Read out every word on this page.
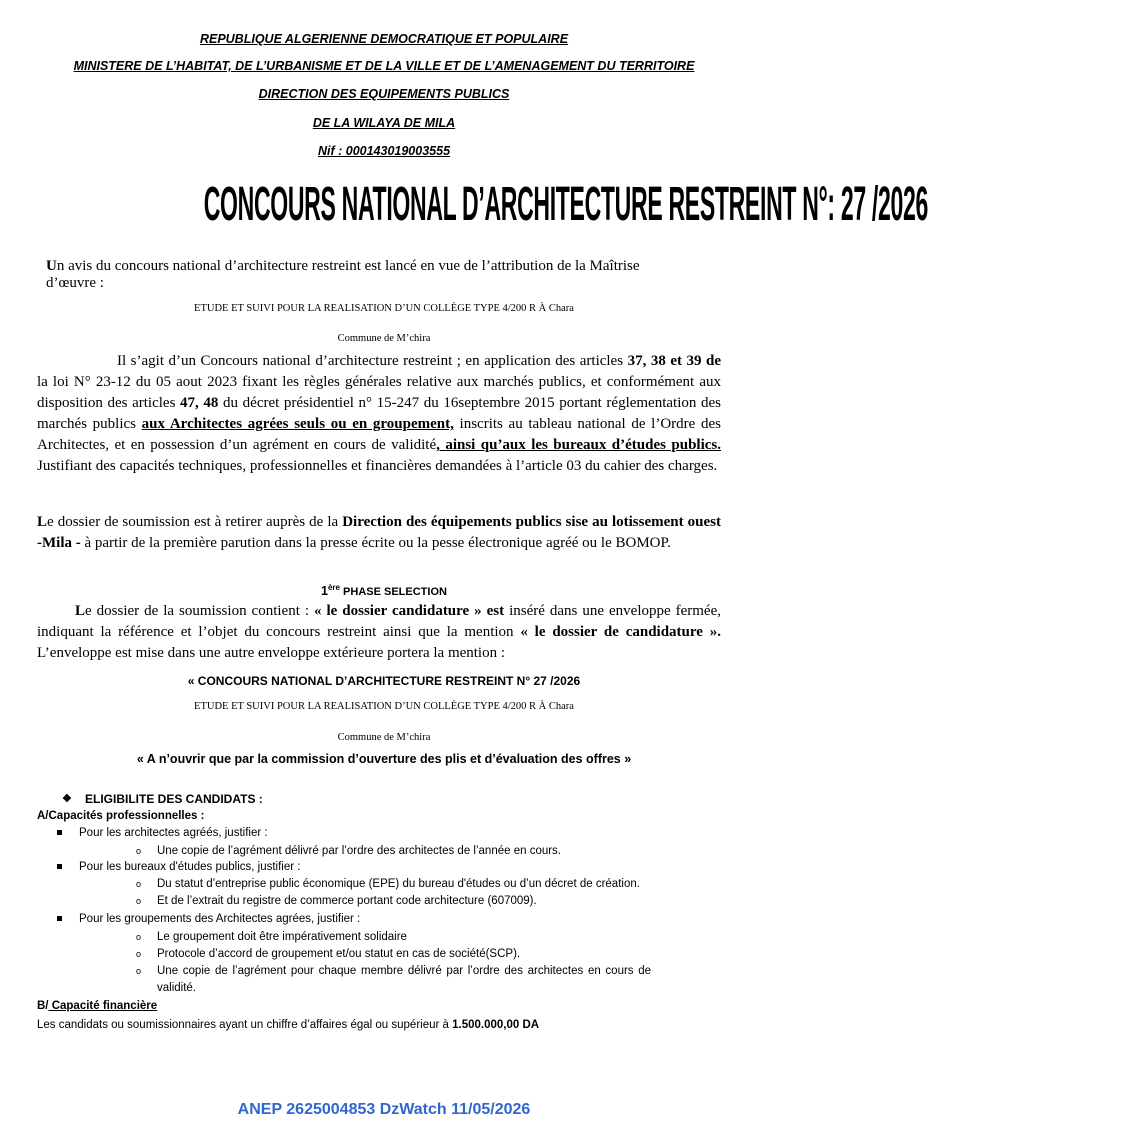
REPUBLIQUE ALGERIENNE DEMOCRATIQUE ET POPULAIRE
MINISTERE DE L’HABITAT, DE L’URBANISME ET DE LA VILLE ET DE L’AMENAGEMENT DU TERRITOIRE
DIRECTION DES EQUIPEMENTS PUBLICS
DE LA WILAYA DE MILA
Nif : 000143019003555
CONCOURS NATIONAL D’ARCHITECTURE RESTREINT N°: 27 /2026
Un avis du concours national d’architecture restreint est lancé en vue de l’attribution de la Maîtrise
d’œuvre :
ETUDE ET SUIVI POUR LA REALISATION D’UN COLLÈGE TYPE 4/200 R À Chara
Commune de M’chira
Il s’agit d’un Concours national d’architecture restreint ; en application des articles 37, 38 et 39 de la loi N° 23-12 du 05 aout 2023 fixant les règles générales relative aux marchés publics, et conformément aux disposition des articles 47, 48 du décret présidentiel n° 15-247 du 16septembre 2015 portant réglementation des marchés publics aux Architectes agrées seuls ou en groupement, inscrits au tableau national de l’Ordre des Architectes, et en possession d’un agrément en cours de validité, ainsi qu’aux les bureaux d’études publics. Justifiant des capacités techniques, professionnelles et financières demandées à l’article 03 du cahier des charges.
Le dossier de soumission est à retirer auprès de la Direction des équipements publics sise au lotissement ouest -Mila - à partir de la première parution dans la presse écrite ou la pesse électronique agréé ou le BOMOP.
1ère PHASE SELECTION
Le dossier de la soumission contient : « le dossier candidature » est inséré dans une enveloppe fermée, indiquant la référence et l’objet du concours restreint ainsi que la mention « le dossier de candidature ». L’enveloppe est mise dans une autre enveloppe extérieure portera la mention :
« CONCOURS NATIONAL D’ARCHITECTURE RESTREINT N° 27 /2026
ETUDE ET SUIVI POUR LA REALISATION D’UN COLLÈGE TYPE 4/200 R À Chara
Commune de M’chira
« A n’ouvrir que par la commission d’ouverture des plis et d’évaluation des offres »
❖ ELIGIBILITE DES CANDIDATS :
A/Capacités professionnelles :
Pour les architectes agréés, justifier :
o Une copie de l’agrément délivré par l’ordre des architectes de l’année en cours.
Pour les bureaux d'études publics, justifier :
o Du statut d’entreprise public économique (EPE) du bureau d'études ou d’un décret de création.
o Et de l’extrait du registre de commerce portant code architecture (607009).
Pour les groupements des Architectes agrées, justifier :
o Le groupement doit être impérativement solidaire
o Protocole d’accord de groupement et/ou statut en cas de société(SCP).
o Une copie de l’agrément pour chaque membre délivré par l’ordre des architectes en cours de
validité.
B/ Capacité financière
Les candidats ou soumissionnaires ayant un chiffre d’affaires égal ou supérieur à 1.500.000,00 DA
ANEP 2625004853 DzWatch 11/05/2026
